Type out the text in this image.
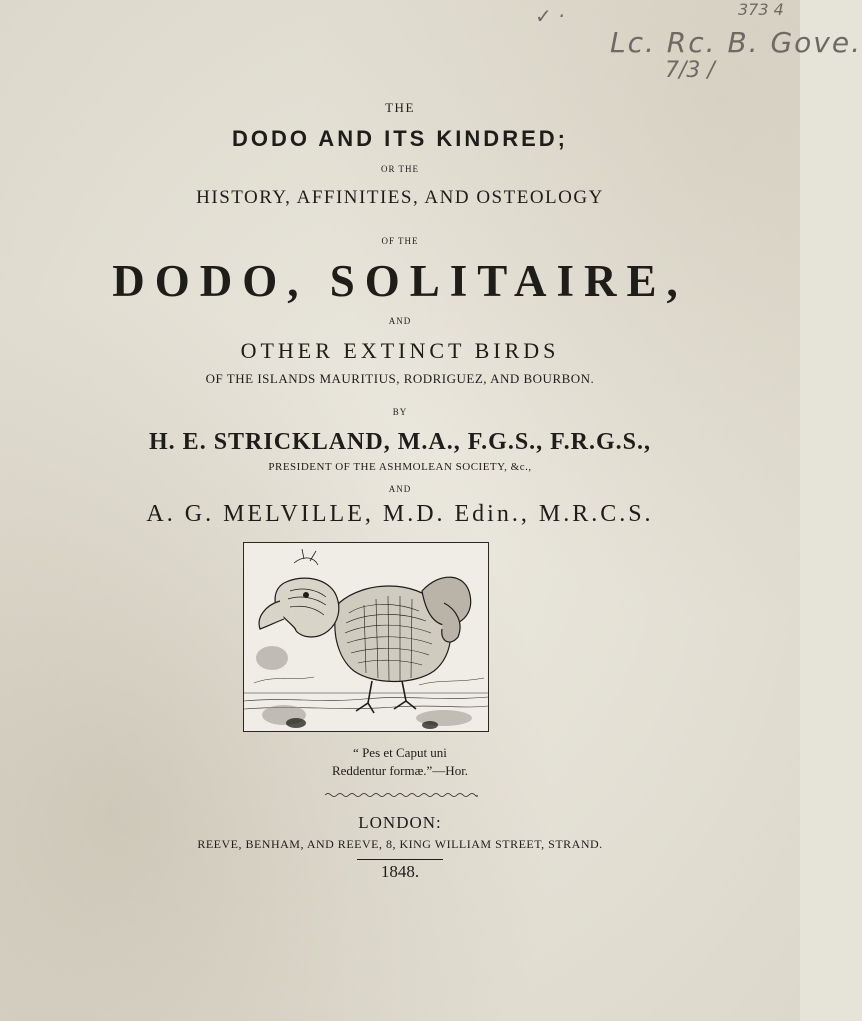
✓ ·	373 4
Lc. Rc. B. Gove.
7/3 /
THE
DODO AND ITS KINDRED;
OR THE
HISTORY, AFFINITIES, AND OSTEOLOGY
OF THE
DODO, SOLITAIRE,
AND
OTHER EXTINCT BIRDS
OF THE ISLANDS MAURITIUS, RODRIGUEZ, AND BOURBON.
BY
H. E. STRICKLAND, M.A., F.G.S., F.R.G.S.,
PRESIDENT OF THE ASHMOLEAN SOCIETY, &c.,
AND
A. G. MELVILLE, M.D. Edin., M.R.C.S.
“ Pes et Caput uni
Reddentur formæ.”—Hor.
LONDON:
REEVE, BENHAM, AND REEVE, 8, KING WILLIAM STREET, STRAND.
1848.
